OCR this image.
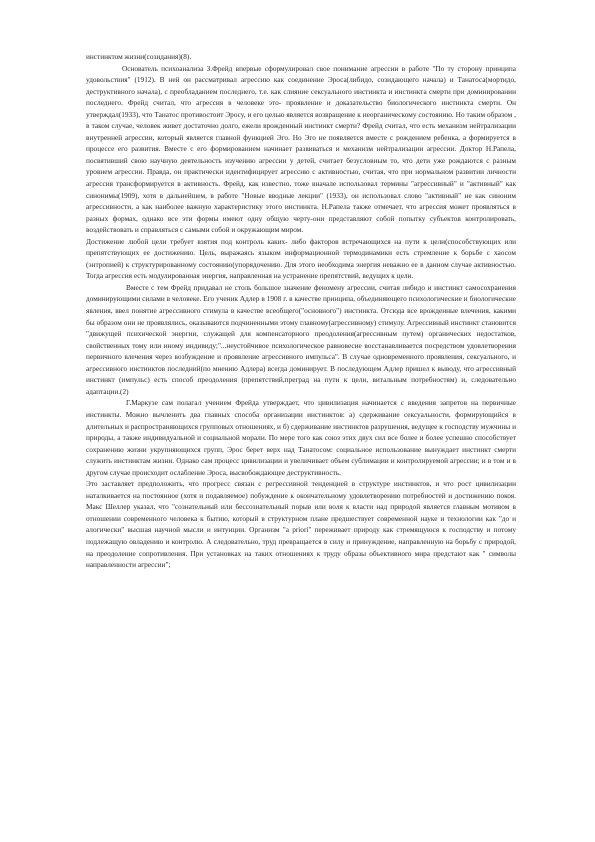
инстинктом жизни(созидания)(8).

Основатель психоанализа З.Фрейд впервые сформулировал свое понимание агрессии в работе "По ту сторону принципа удовольствия" (1912). В ней он рассматривал агрессию как соединение Эроса(либидо, созидающего начала) и Танатоса(мортидо, деструктивного начала), с преобладанием последнего, т.е. как слияние сексуального инстинкта и инстинкта смерти при доминировании последнего. Фрейд считал, что агрессия в человеке это- проявление и доказательство биологического инстинкта смерти. Он утверждал(1933), что Танатос противостоит Эросу, и его целью является возвращение к неорганическому состоянию. Но таким образом , в таком случае, человек живет достаточно долго, ежели врожденный инстинкт смерти? Фрейд считал, что есть механизм нейтрализации внутренней агрессии, который является главной функцией Эго. Но Эго не появляется вместе с рождением ребенка, а формируется в процессе его развития. Вместе с его формированием начинает развиваться и механизм нейтрализации агрессии. Доктор Н.Рапела, посвятивший свою научную деятельность изучению агрессии у детей, считает безусловным то, что дети уже рождаются с разным уровнем агрессии. Правда, он практически идентифицирует агрессию с активностью, считая, что при нормальном развитии личности агрессия трансформируется в активность. Фрейд, как известно, тоже вначале использовал термины "агрессивный" и "активный" как синонимы(1909), хотя в дальнейшем, в работе "Новые вводные лекции" (1933), он использовал слово "активный" не как синоним агрессивности, а как наиболее важную характеристику этого инстинкта. Н.Рапела также отмечает, что агрессия может проявляться в разных формах, однако все эти формы имеют одну общую черту-они представляют собой попытку субъектов контролировать, воздействовать и справляться с самыми собой и окружающим миром.

Достижение любой цели требует взятия под контроль каких- либо факторов встречающихся на пути к цели(способствующих или препятствующих ее достижению. Цель, выражаясь языком информационной термодинамики есть стремление к борьбе с хаосом (энтропией) к структурированному состоянию(упорядочению. Для этого необходима энергия неважно ее в данном случае активностью. Тогда агрессия есть модулированная энергия, направленная на устранение препятствий, ведущих к цели.

Вместе с тем Фрейд придавал не столь большое значение феномену агрессии, считая либидо и инстинкт самосохранения доминирующими силами в человеке. Его ученик Адлер в 1908 г. в качестве принципа, объединяющего психологические и биологические явления, ввел понятие агрессивного стимула в качестве всеобщего("основного") инстинкта. Отсюда все врожденные влечения, какими бы образом они не проявлялись, оказываются подчиненными этому главному(агрессивному) стимулу. Агрессивный инстинкт становится "движущей психической энергии, служащей для компенсаторного преодоления(агрессивным путем) органических недостатков, свойственных тому или иному индивиду;"...неустойчивое психологическое равновесие восстанавливается посредством удовлетворения первичного влечения через возбуждение и проявление агрессивного импульса". В случае одновременного проявления, сексуального, и агрессивного инстинктов последний(по мнению Адлера) всегда доминирует. В последующем Адлер пришел к выводу, что агрессивный инстинкт (импульс) есть способ преодоления (препятствий,преград на пути к цели, витальным потребностям) и, следовательно адаптации.(2)

Г.Маркузе сам полагал учением Фрейда утверждает, что цивилизация начинается с введения запретов на первичные инстинкты. Можно вычленить два главных способа организации инстинктов: а) сдерживание сексуальности, формирующийся в длительных и распространяющихся групповых отношениях, и б) сдерживание инстинктов разрушения, ведущее к господству мужчины и природы, а также индивидуальной и социальной морали. По мере того как союз этих двух сил все более и более успешно способствует сохранению жизни укрупняющихся групп, Эрос берет верх над Танатосом: социальное использование вынуждает инстинкт смерти служить инстинктам жизни. Однако сам процесс цивилизации и увеличивает объем сублимации и контролируемой агрессии; и в том и в другом случае происходит ослабление Эроса, высвобождающее деструктивность.

Это заставляет предположить, что прогресс связан с регрессивной тенденцией в структуре инстинктов, и что рост цивилизации наталкивается на постоянное (хотя и подавляемое) побуждение к окончательному удовлетворению потребностей и достижению покоя. Макс Шеллер указал, что "сознательный или бессознательный порыв или воля к власти над природой является главным мотивом в отношении современного человека к бытию, который в структурном плане предшествует современной науке и технологии как "до и алогически" высшая научной мысли и интуиции. Организм "a priori" переживает природу как стремящуюся к господству и потому подлежащую овладению и контролю. А следовательно, труд превращается в силу и принуждение, направленную на борьбу с природой, на преодоление сопротивления. При установках на таких отношениях к труду образы объективного мира предстают как " символы направленности агрессии";
